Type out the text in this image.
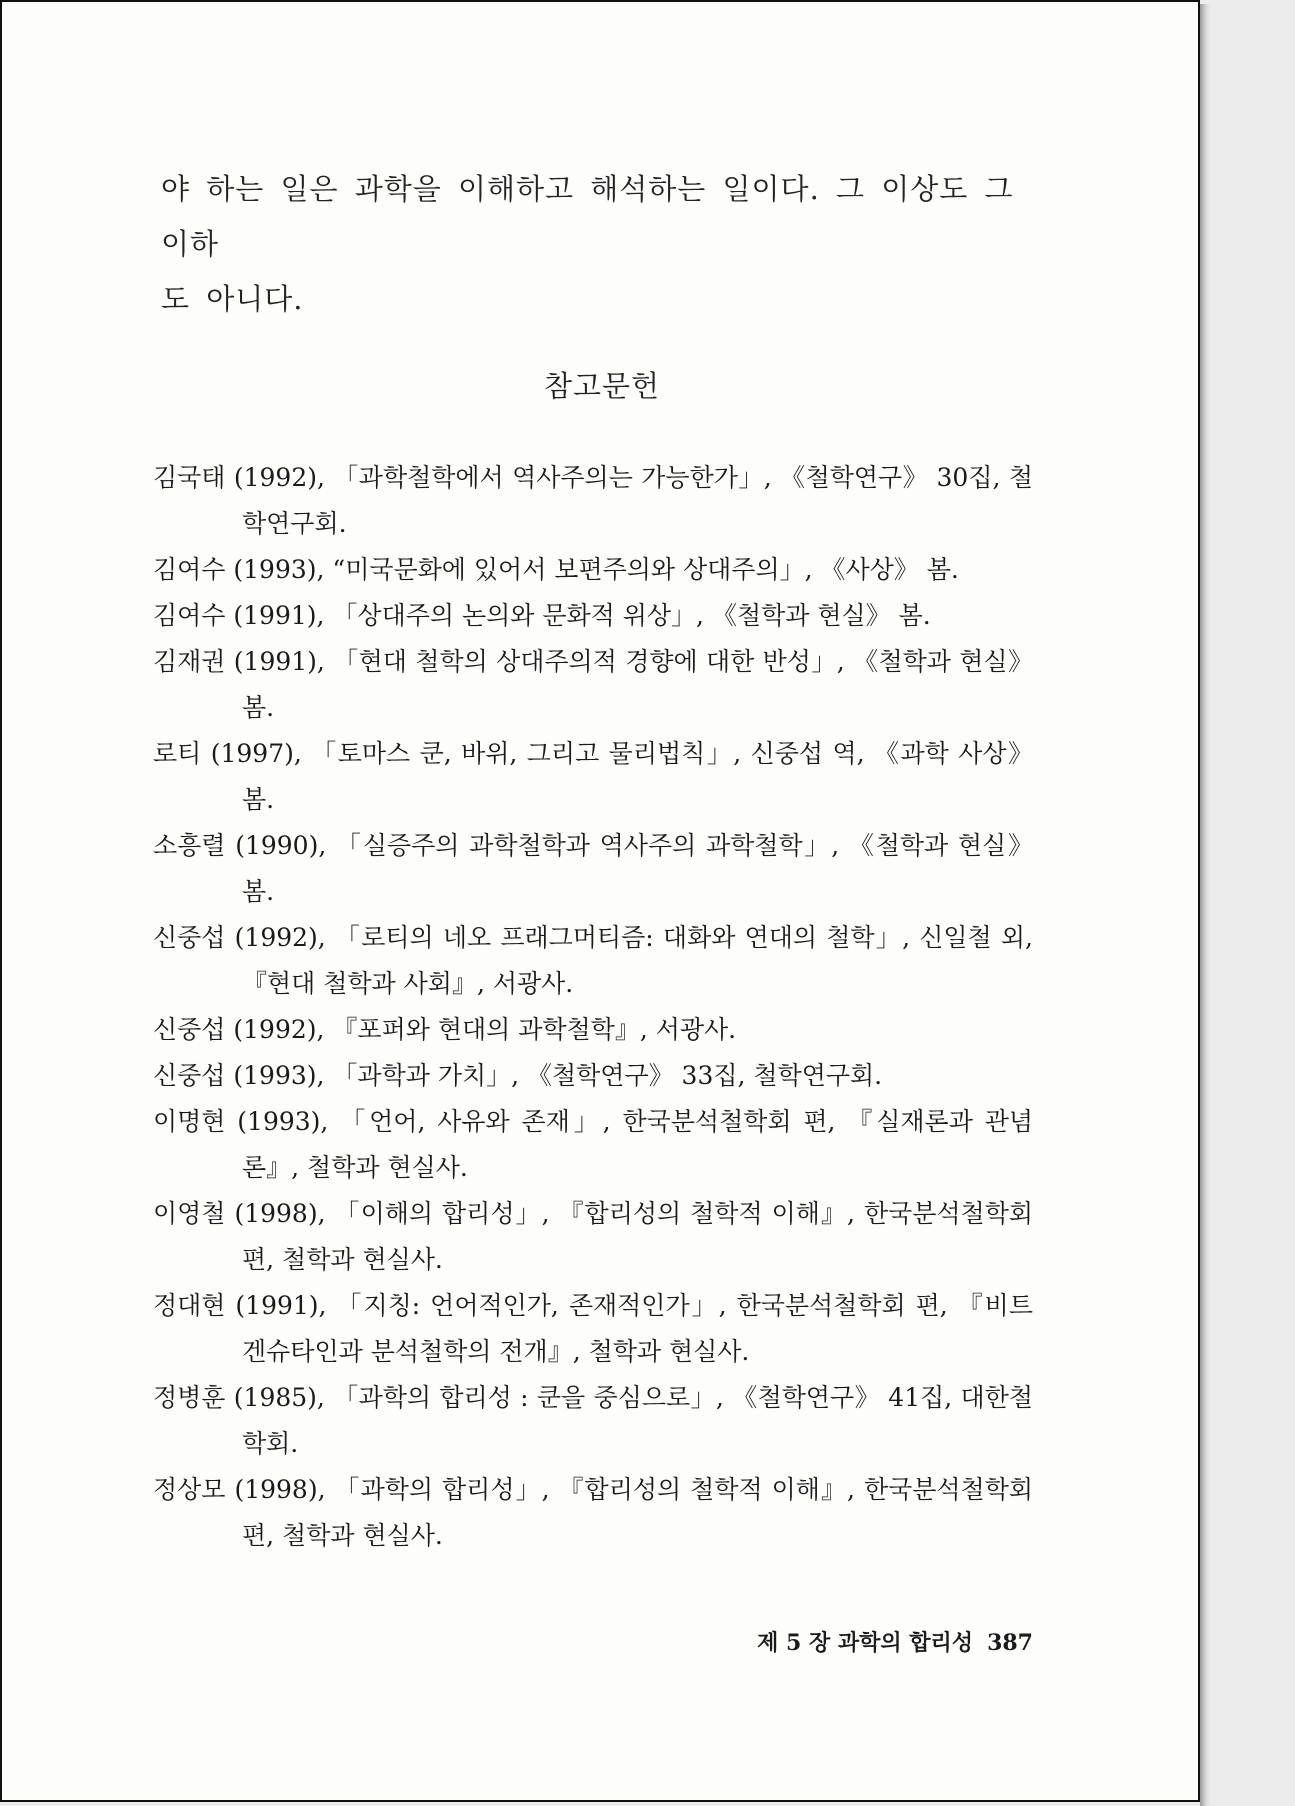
야 하는 일은 과학을 이해하고 해석하는 일이다. 그 이상도 그 이하

도 아니다.

참고문헌
김국태 (1992), 「과학철학에서 역사주의는 가능한가」, 《철학연구》 30집, 철학연구회.
김여수 (1993), “미국문화에 있어서 보편주의와 상대주의」, 《사상》 봄.
김여수 (1991), 「상대주의 논의와 문화적 위상」, 《철학과 현실》 봄.
김재권 (1991), 「현대 철학의 상대주의적 경향에 대한 반성」, 《철학과 현실》 봄.
로티 (1997), 「토마스 쿤, 바위, 그리고 물리법칙」, 신중섭 역, 《과학 사상》 봄.
소흥렬 (1990), 「실증주의 과학철학과 역사주의 과학철학」, 《철학과 현실》 봄.
신중섭 (1992), 「로티의 네오 프래그머티즘: 대화와 연대의 철학」, 신일철 외, 『현대 철학과 사회』, 서광사.
신중섭 (1992), 『포퍼와 현대의 과학철학』, 서광사.
신중섭 (1993), 「과학과 가치」, 《철학연구》 33집, 철학연구회.
이명현 (1993), 「언어, 사유와 존재」, 한국분석철학회 편, 『실재론과 관념론』, 철학과 현실사.
이영철 (1998), 「이해의 합리성」, 『합리성의 철학적 이해』, 한국분석철학회 편, 철학과 현실사.
정대현 (1991), 「지칭: 언어적인가, 존재적인가」, 한국분석철학회 편, 『비트겐슈타인과 분석철학의 전개』, 철학과 현실사.
정병훈 (1985), 「과학의 합리성 : 쿤을 중심으로」, 《철학연구》 41집, 대한철학회.
정상모 (1998), 「과학의 합리성」, 『합리성의 철학적 이해』, 한국분석철학회 편, 철학과 현실사.
제 5 장 과학의 합리성 387
